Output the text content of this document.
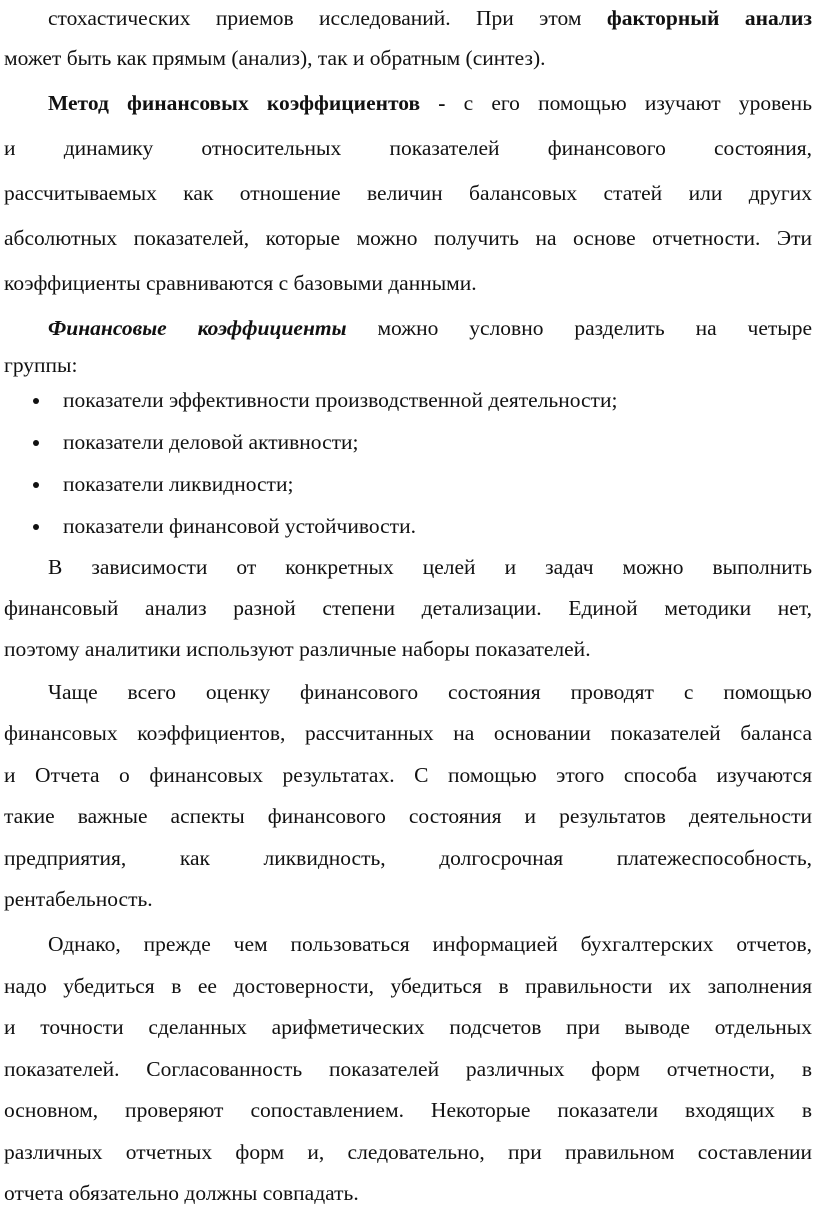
стохастических приемов исследований. При этом факторный анализ
может быть как прямым (анализ), так и обратным (синтез).
Метод финансовых коэффициентов - с его помощью изучают уровень
и динамику относительных показателей финансового состояния,
рассчитываемых как отношение величин балансовых статей или других
абсолютных показателей, которые можно получить на основе отчетности. Эти
коэффициенты сравниваются с базовыми данными.
Финансовые коэффициенты можно условно разделить на четыре
группы:
показатели эффективности производственной деятельности;
показатели деловой активности;
показатели ликвидности;
показатели финансовой устойчивости.
В зависимости от конкретных целей и задач можно выполнить
финансовый анализ разной степени детализации. Единой методики нет,
поэтому аналитики используют различные наборы показателей.
Чаще всего оценку финансового состояния проводят с помощью
финансовых коэффициентов, рассчитанных на основании показателей баланса
и Отчета о финансовых результатах. С помощью этого способа изучаются
такие важные аспекты финансового состояния и результатов деятельности
предприятия, как ликвидность, долгосрочная платежеспособность,
рентабельность.
Однако, прежде чем пользоваться информацией бухгалтерских отчетов,
надо убедиться в ее достоверности, убедиться в правильности их заполнения
и точности сделанных арифметических подсчетов при выводе отдельных
показателей. Согласованность показателей различных форм отчетности, в
основном, проверяют сопоставлением. Некоторые показатели входящих в
различных отчетных форм и, следовательно, при правильном составлении
отчета обязательно должны совпадать.
